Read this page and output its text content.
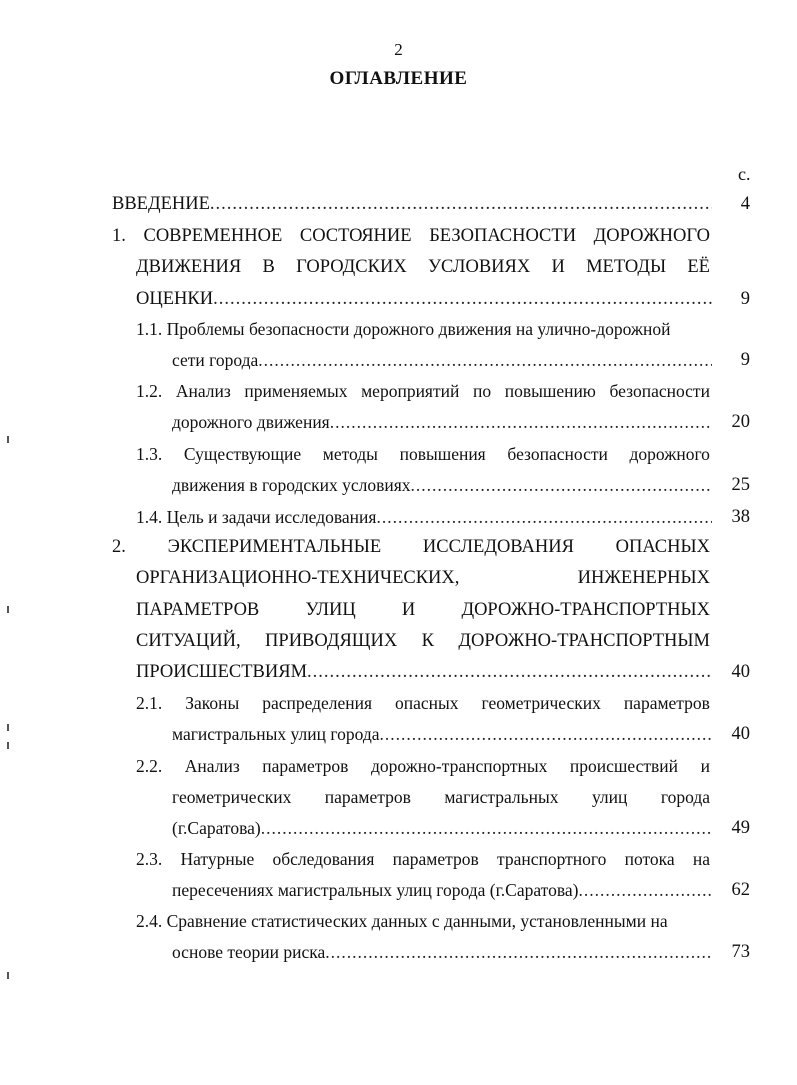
2
ОГЛАВЛЕНИЕ
с.
ВВЕДЕНИЕ .....	4
1. СОВРЕМЕННОЕ СОСТОЯНИЕ БЕЗОПАСНОСТИ ДОРОЖНОГО
ДВИЖЕНИЯ В ГОРОДСКИХ УСЛОВИЯХ И МЕТОДЫ ЕЁ
ОЦЕНКИ .....	9
1.1. Проблемы безопасности дорожного движения на улично-дорожной
сети города .....	9
1.2. Анализ применяемых мероприятий по повышению безопасности
дорожного движения .....	20
1.3. Существующие методы повышения безопасности дорожного
движения в городских условиях .....	25
1.4. Цель и задачи исследования .....	38
2. ЭКСПЕРИМЕНТАЛЬНЫЕ ИССЛЕДОВАНИЯ ОПАСНЫХ
ОРГАНИЗАЦИОННО-ТЕХНИЧЕСКИХ,	ИНЖЕНЕРНЫХ
ПАРАМЕТРОВ УЛИЦ И ДОРОЖНО-ТРАНСПОРТНЫХ
СИТУАЦИЙ, ПРИВОДЯЩИХ К ДОРОЖНО-ТРАНСПОРТНЫМ
ПРОИСШЕСТВИЯМ .....	40
2.1. Законы распределения опасных геометрических параметров
магистральных улиц города .....	40
2.2. Анализ параметров дорожно-транспортных происшествий и
геометрических параметров магистральных улиц города
(г.Саратова) .....	49
2.3. Натурные обследования параметров транспортного потока на
пересечениях магистральных улиц города (г.Саратова) .....	62
2.4. Сравнение статистических данных с данными, установленными на
основе теории риска .....	73
